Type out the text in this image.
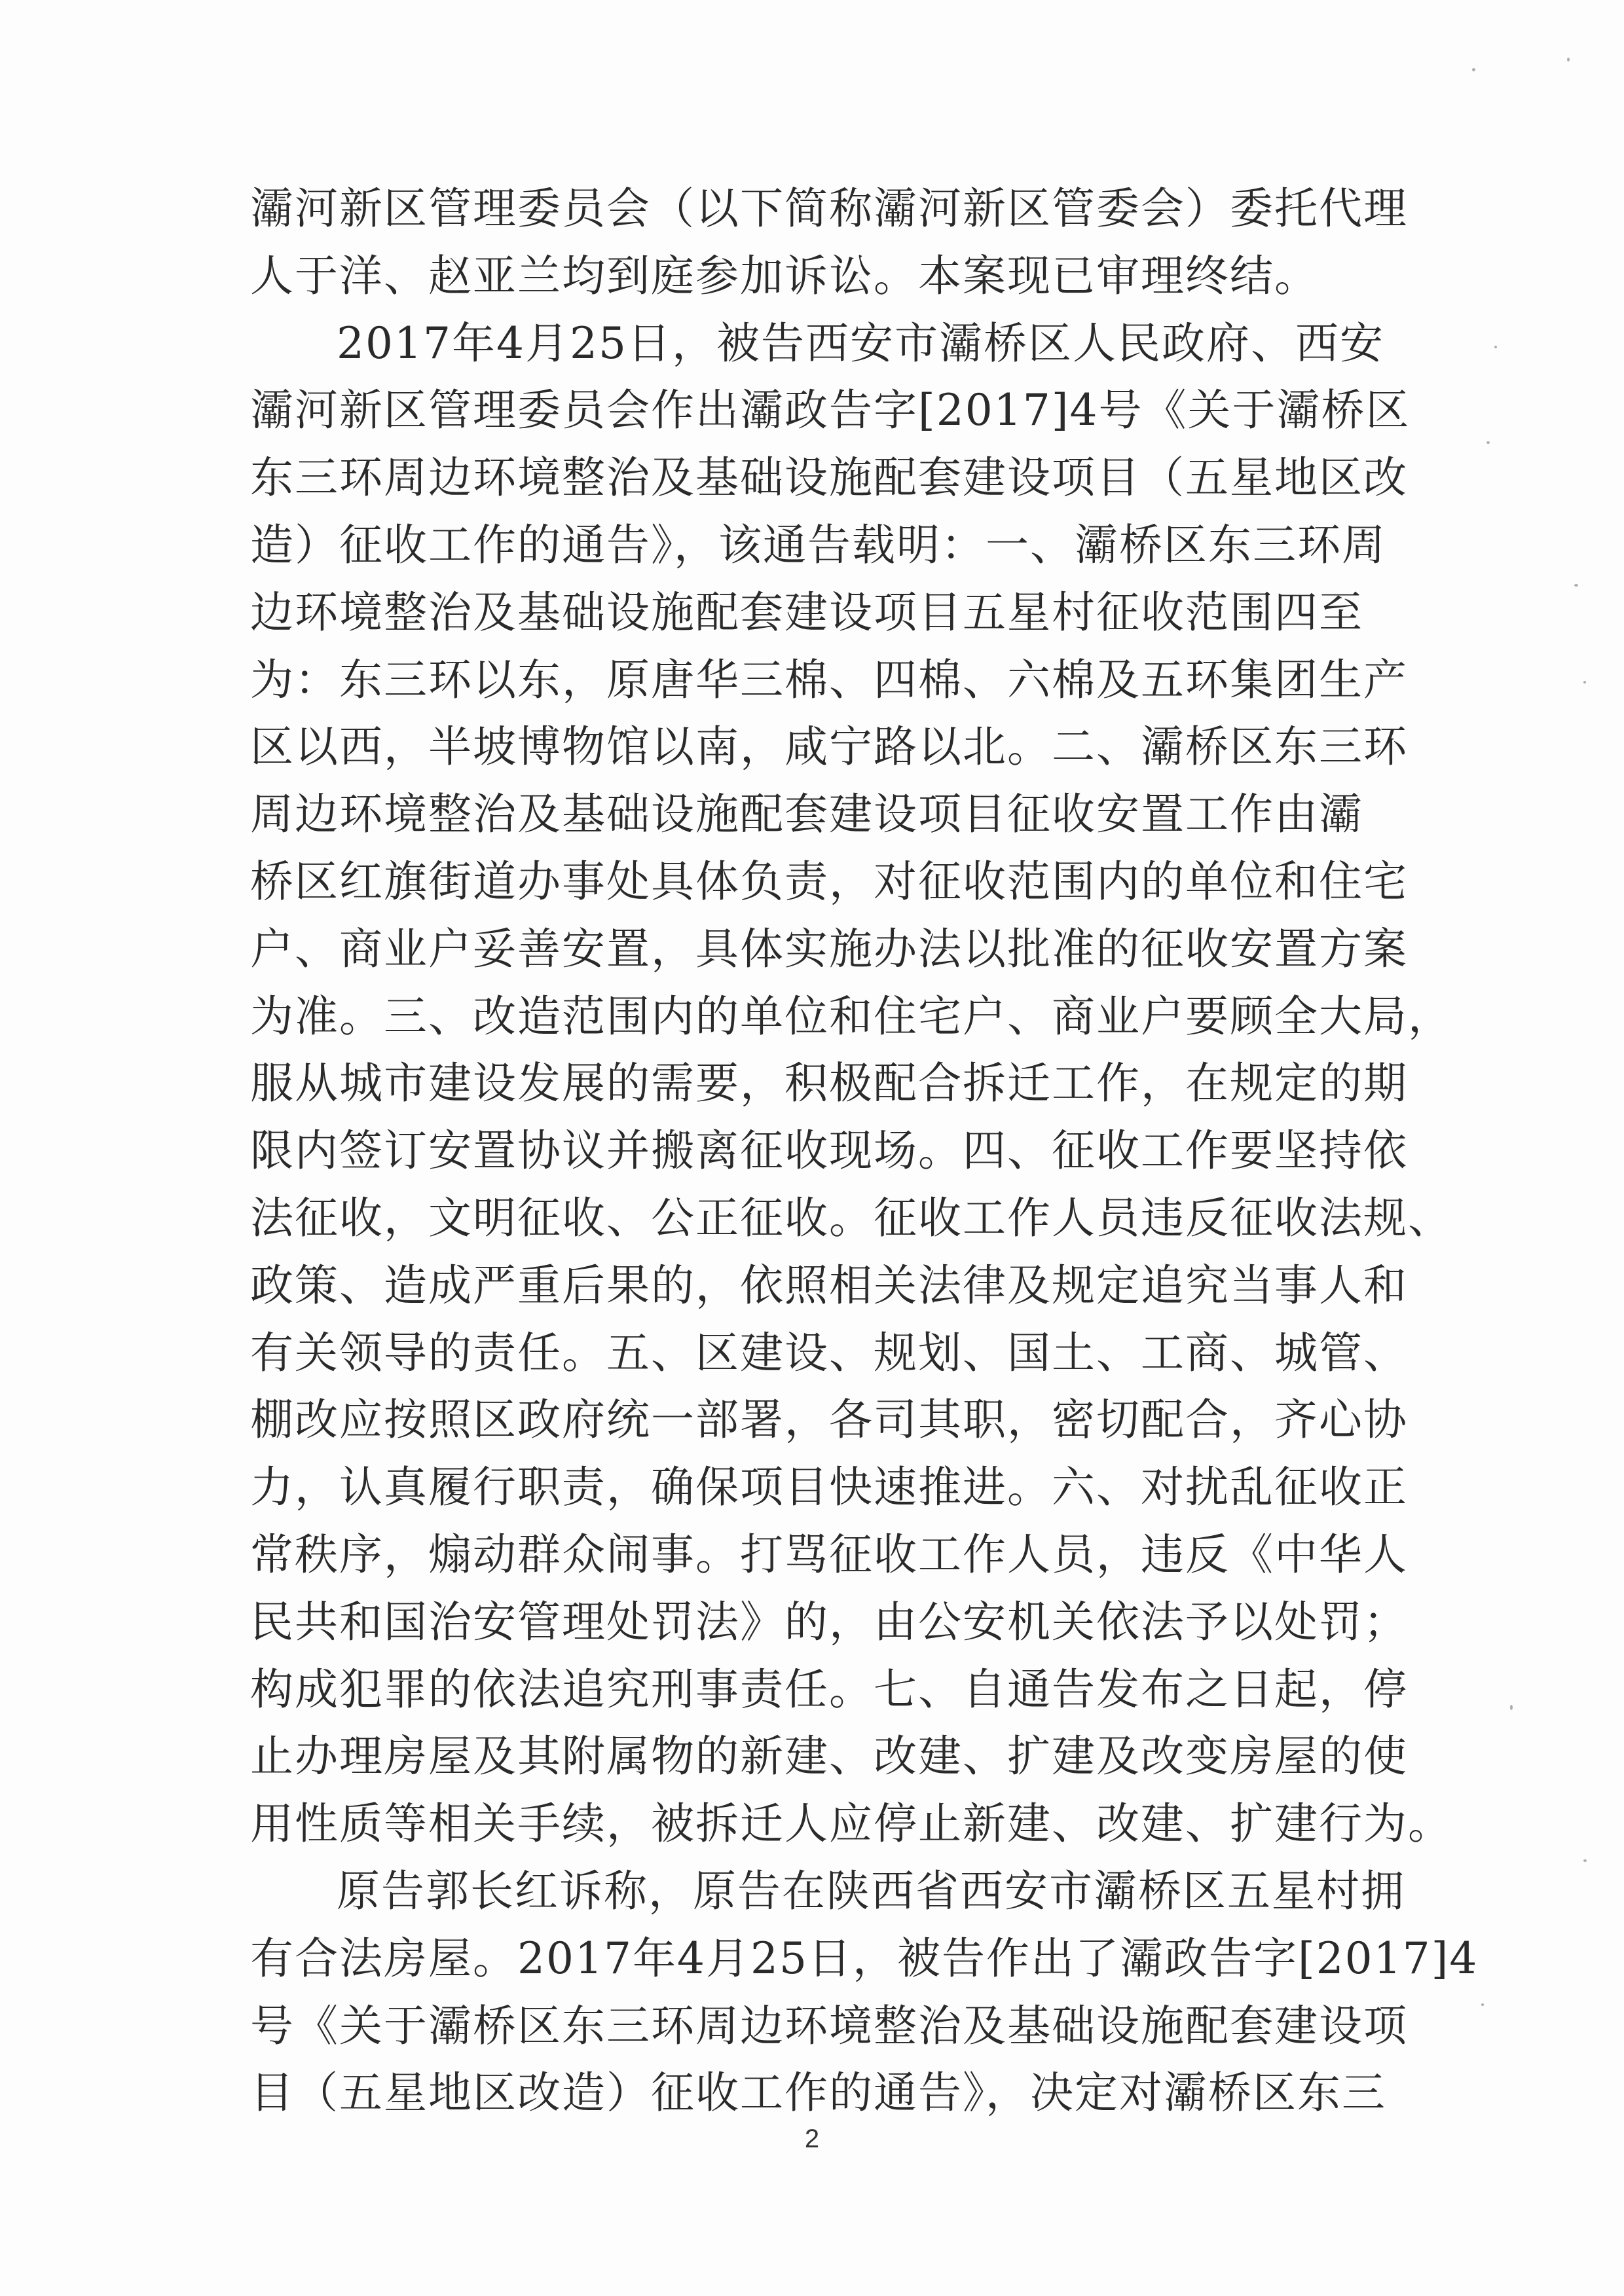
灞河新区管理委员会（以下简称灞河新区管委会）委托代理
人于洋、赵亚兰均到庭参加诉讼。本案现已审理终结。
2017年4月25日，被告西安市灞桥区人民政府、西安
灞河新区管理委员会作出灞政告字[2017]4号《关于灞桥区
东三环周边环境整治及基础设施配套建设项目（五星地区改
造）征收工作的通告》，该通告载明：一、灞桥区东三环周
边环境整治及基础设施配套建设项目五星村征收范围四至
为：东三环以东，原唐华三棉、四棉、六棉及五环集团生产
区以西，半坡博物馆以南，咸宁路以北。二、灞桥区东三环
周边环境整治及基础设施配套建设项目征收安置工作由灞
桥区红旗街道办事处具体负责，对征收范围内的单位和住宅
户、商业户妥善安置，具体实施办法以批准的征收安置方案
为准。三、改造范围内的单位和住宅户、商业户要顾全大局，
服从城市建设发展的需要，积极配合拆迁工作，在规定的期
限内签订安置协议并搬离征收现场。四、征收工作要坚持依
法征收，文明征收、公正征收。征收工作人员违反征收法规、
政策、造成严重后果的，依照相关法律及规定追究当事人和
有关领导的责任。五、区建设、规划、国土、工商、城管、
棚改应按照区政府统一部署，各司其职，密切配合，齐心协
力，认真履行职责，确保项目快速推进。六、对扰乱征收正
常秩序，煽动群众闹事。打骂征收工作人员，违反《中华人
民共和国治安管理处罚法》的，由公安机关依法予以处罚；
构成犯罪的依法追究刑事责任。七、自通告发布之日起，停
止办理房屋及其附属物的新建、改建、扩建及改变房屋的使
用性质等相关手续，被拆迁人应停止新建、改建、扩建行为。
原告郭长红诉称，原告在陕西省西安市灞桥区五星村拥
有合法房屋。2017年4月25日，被告作出了灞政告字[2017]4
号《关于灞桥区东三环周边环境整治及基础设施配套建设项
目（五星地区改造）征收工作的通告》，决定对灞桥区东三
2
